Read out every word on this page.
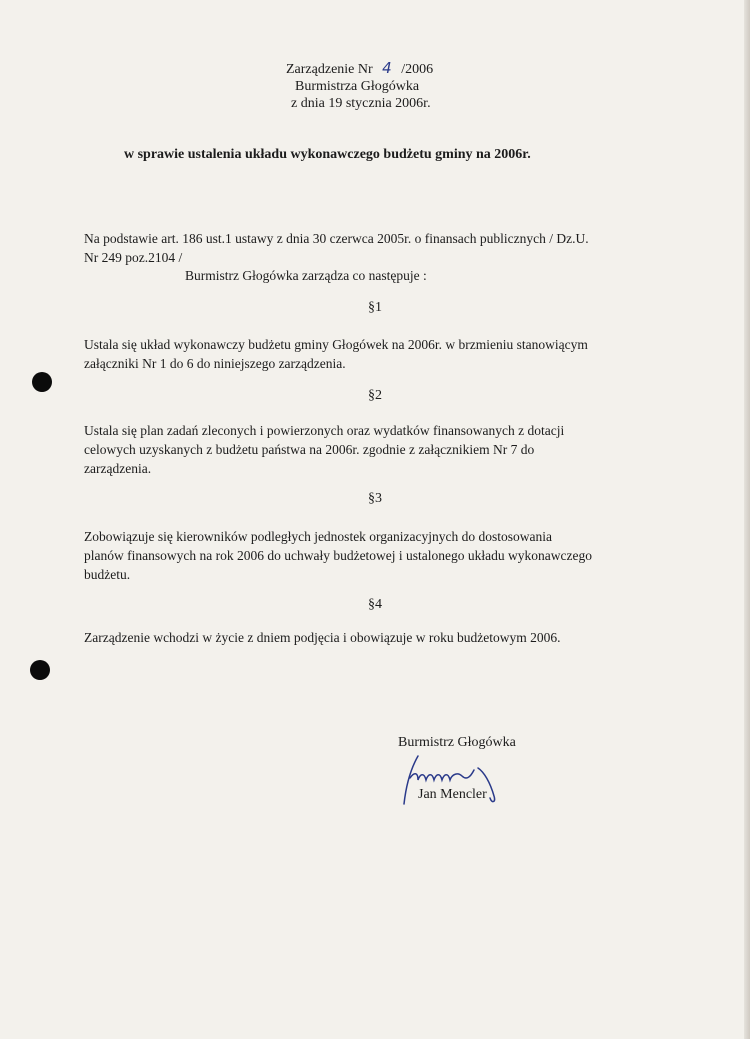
Zarządzenie Nr 4 /2006
Burmistrza Głogówka
z dnia 19 stycznia 2006r.
w sprawie ustalenia układu wykonawczego budżetu gminy na 2006r.
Na podstawie art. 186 ust.1 ustawy z dnia 30 czerwca 2005r. o finansach publicznych / Dz.U.
Nr 249 poz.2104 /
Burmistrz Głogówka zarządza co następuje :
§1
Ustala się układ wykonawczy budżetu gminy Głogówek na 2006r. w brzmieniu stanowiącym
załączniki Nr 1 do 6 do niniejszego zarządzenia.
§2
Ustala się plan zadań zleconych i powierzonych oraz wydatków finansowanych z dotacji
celowych uzyskanych z budżetu państwa na 2006r. zgodnie z załącznikiem Nr 7 do
zarządzenia.
§3
Zobowiązuje się kierowników podległych jednostek organizacyjnych do dostosowania
planów finansowych na rok 2006 do uchwały budżetowej i ustalonego układu wykonawczego
budżetu.
§4
Zarządzenie wchodzi w życie z dniem podjęcia i obowiązuje w roku budżetowym 2006.
Burmistrz Głogówka
Jan Mencler
